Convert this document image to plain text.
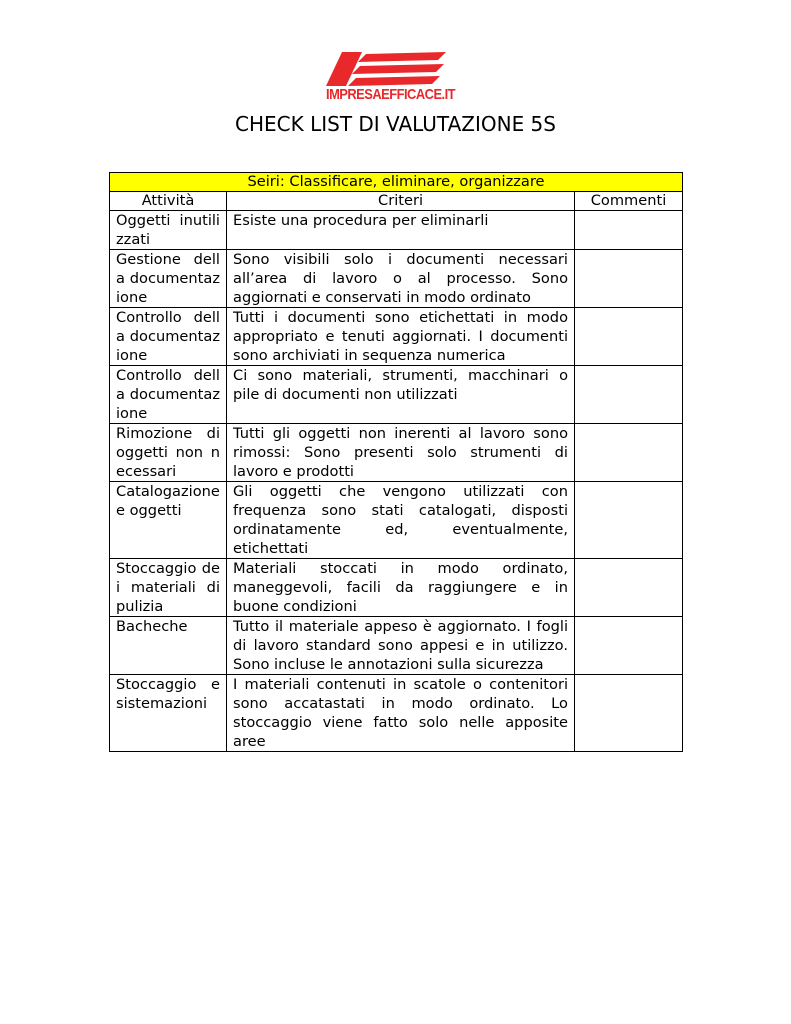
IMPRESAEFFICACE.IT
CHECK LIST DI VALUTAZIONE 5S
Seiri: Classificare, eliminare, organizzare		
Attività	Criteri	Commenti
Oggetti inutilizzati	Esiste una procedura per eliminarli	
Gestione della documentazione	Sono visibili solo i documenti necessari all’area di lavoro o al processo. Sono aggiornati e conservati in modo ordinato	
Controllo della documentazione	Tutti i documenti sono etichettati in modo appropriato e tenuti aggiornati. I documenti sono archiviati in sequenza numerica	
Controllo della documentazione	Ci sono materiali, strumenti, macchinari o pile di documenti non utilizzati	
Rimozione di oggetti non necessari	Tutti gli oggetti non inerenti al lavoro sono rimossi: Sono presenti solo strumenti di lavoro e prodotti	
Catalogazione e oggetti	Gli oggetti che vengono utilizzati con frequenza sono stati catalogati, disposti ordinatamente ed, eventualmente, etichettati	
Stoccaggio dei materiali di pulizia	Materiali stoccati in modo ordinato, maneggevoli, facili da raggiungere e in buone condizioni	
Bacheche	Tutto il materiale appeso è aggiornato. I fogli di lavoro standard sono appesi e in utilizzo. Sono incluse le annotazioni sulla sicurezza	
Stoccaggio e sistemazioni	I materiali contenuti in scatole o contenitori sono accatastati in modo ordinato. Lo stoccaggio viene fatto solo nelle apposite aree	
